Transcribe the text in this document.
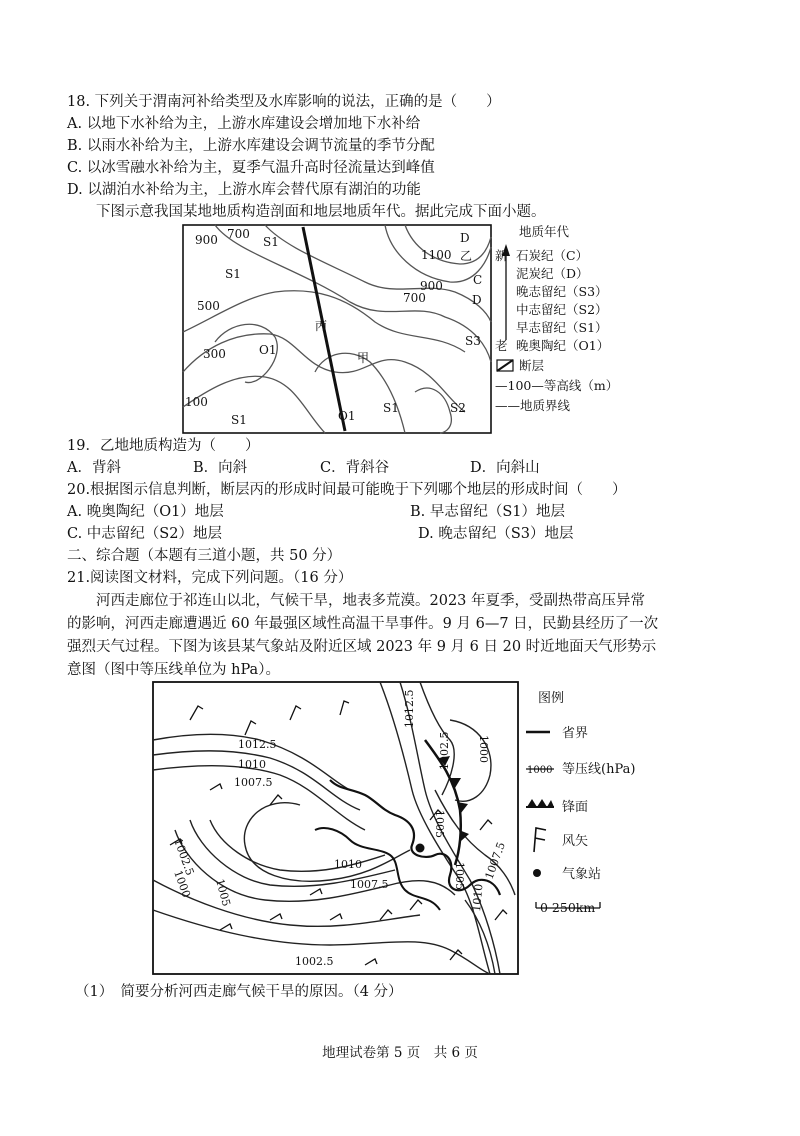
18. 下列关于渭南河补给类型及水库影响的说法，正确的是（　　）
A. 以地下水补给为主，上游水库建设会增加地下水补给
B. 以雨水补给为主，上游水库建设会调节流量的季节分配
C. 以冰雪融水补给为主，夏季气温升高时径流量达到峰值
D. 以湖泊水补给为主，上游水库会替代原有湖泊的功能
下图示意我国某地地质构造剖面和地层地质年代。据此完成下面小题。
900 700
500
300
100
1100
900
700
S1
S1
O1
S1	O1
S1	S2
S3
D
C
D
乙
丙
甲
地质年代
新
老
石炭纪（C）
泥炭纪（D）
晚志留纪（S3）
中志留纪（S2）
早志留纪（S1）
晚奥陶纪（O1）
断层
—100—等高线（m）
——地质界线
19．乙地地质构造为（　　）
A．背斜	B．向斜	C．背斜谷	D．向斜山
20.根据图示信息判断，断层丙的形成时间最可能晚于下列哪个地层的形成时间（　　）
A. 晚奥陶纪（O1）地层	B. 早志留纪（S1）地层
C. 中志留纪（S2）地层	D. 晚志留纪（S3）地层
二、综合题（本题有三道小题，共 50 分）
21.阅读图文材料，完成下列问题。（16 分）
河西走廊位于祁连山以北，气候干旱，地表多荒漠。2023 年夏季，受副热带高压异常
的影响，河西走廊遭遇近 60 年最强区域性高温干旱事件。9 月 6—7 日，民勤县经历了一次
强烈天气过程。下图为该县某气象站及附近区域 2023 年 9 月 6 日 20 时近地面天气形势示
意图（图中等压线单位为 hPa）。
1012.5
1010
1007.5
1002.5
1000 1005
1010
1007.5
1002.5
1012.5
1002.5 1000
1005
1005 1007.5
1010
图例
省界
1000 等压线(hPa)
锋面
风矢
气象站
0 250km
（1）　简要分析河西走廊气候干旱的原因。（4 分）
地理试卷第 5 页　共 6 页
